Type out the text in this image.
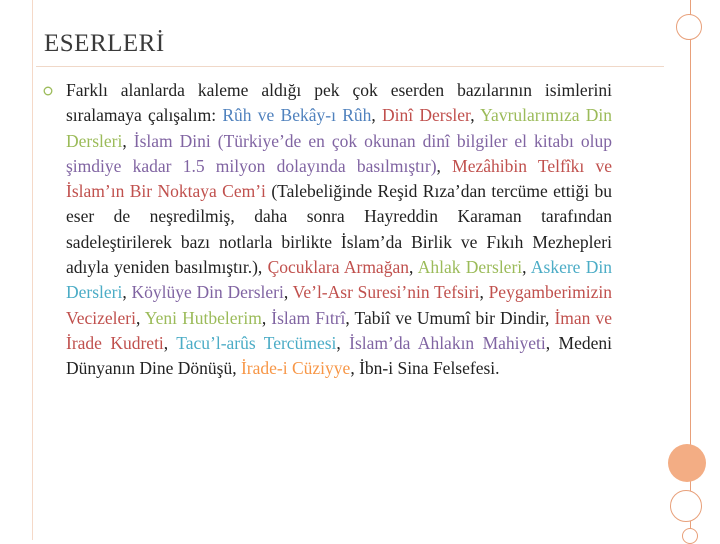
ESERLERİ
Farklı alanlarda kaleme aldığı pek çok eserden bazılarının isimlerini sıralamaya çalışalım: Rûh ve Bekây-ı Rûh, Dinî Dersler, Yavrularımıza Din Dersleri, İslam Dini (Türkiye’de en çok okunan dinî bilgiler el kitabı olup şimdiye kadar 1.5 milyon dolayında basılmıştır), Mezâhibin Telfîkı ve İslam’ın Bir Noktaya Cem’i (Talebeliğinde Reşid Rıza’dan tercüme ettiği bu eser de neşredilmiş, daha sonra Hayreddin Karaman tarafından sadeleştirilerek bazı notlarla birlikte İslam’da Birlik ve Fıkıh Mezhepleri adıyla yeniden basılmıştır.), Çocuklara Armağan, Ahlak Dersleri, Askere Din Dersleri, Köylüye Din Dersleri, Ve’l-Asr Suresi’nin Tefsiri, Peygamberimizin Vecizeleri, Yeni Hutbelerim, İslam Fıtrî, Tabiî ve Umumî bir Dindir, İman ve İrade Kudreti, Tacu’l-arûs Tercümesi, İslam’da Ahlakın Mahiyeti, Medeni Dünyanın Dine Dönüşü, İrade-i Cüziyye, İbn-i Sina Felsefesi.
